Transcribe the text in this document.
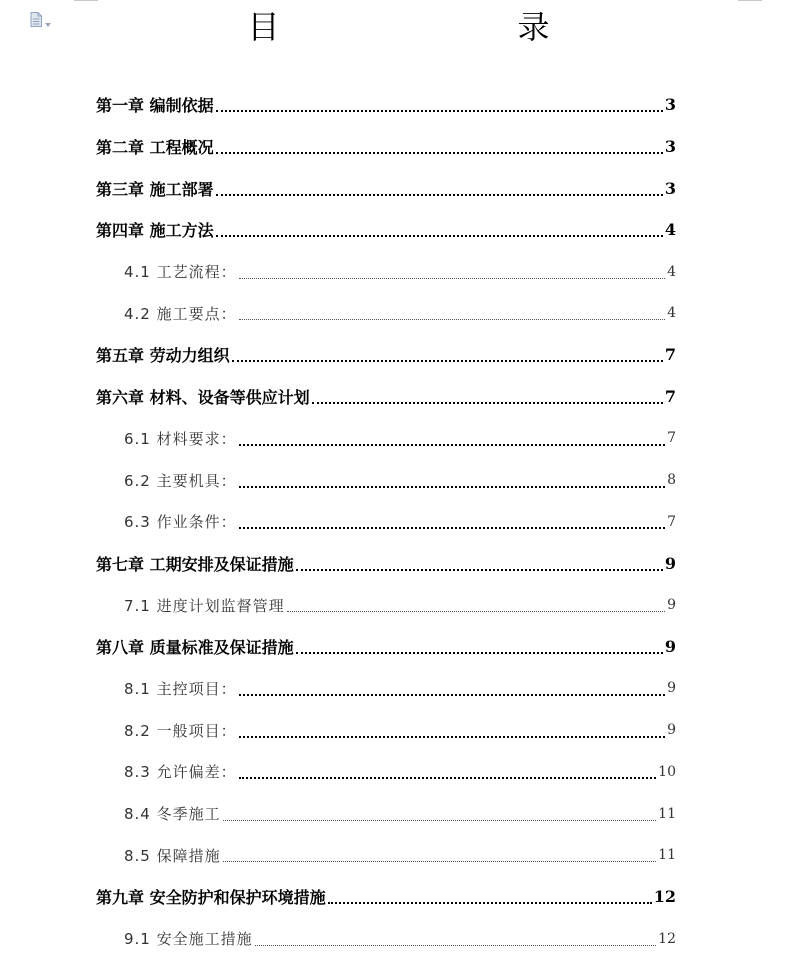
目　　录
第一章 编制依据	3
第二章 工程概况	3
第三章 施工部署	3
第四章 施工方法	4
4.1 工艺流程：	4
4.2 施工要点：	4
第五章 劳动力组织	7
第六章 材料、设备等供应计划	7
6.1 材料要求：	7
6.2 主要机具：	8
6.3 作业条件：	7
第七章 工期安排及保证措施	9
7.1 进度计划监督管理	9
第八章 质量标准及保证措施	9
8.1 主控项目：	9
8.2 一般项目：	9
8.3 允许偏差：	10
8.4 冬季施工	11
8.5 保障措施	11
第九章 安全防护和保护环境措施	12
9.1 安全施工措施	12
